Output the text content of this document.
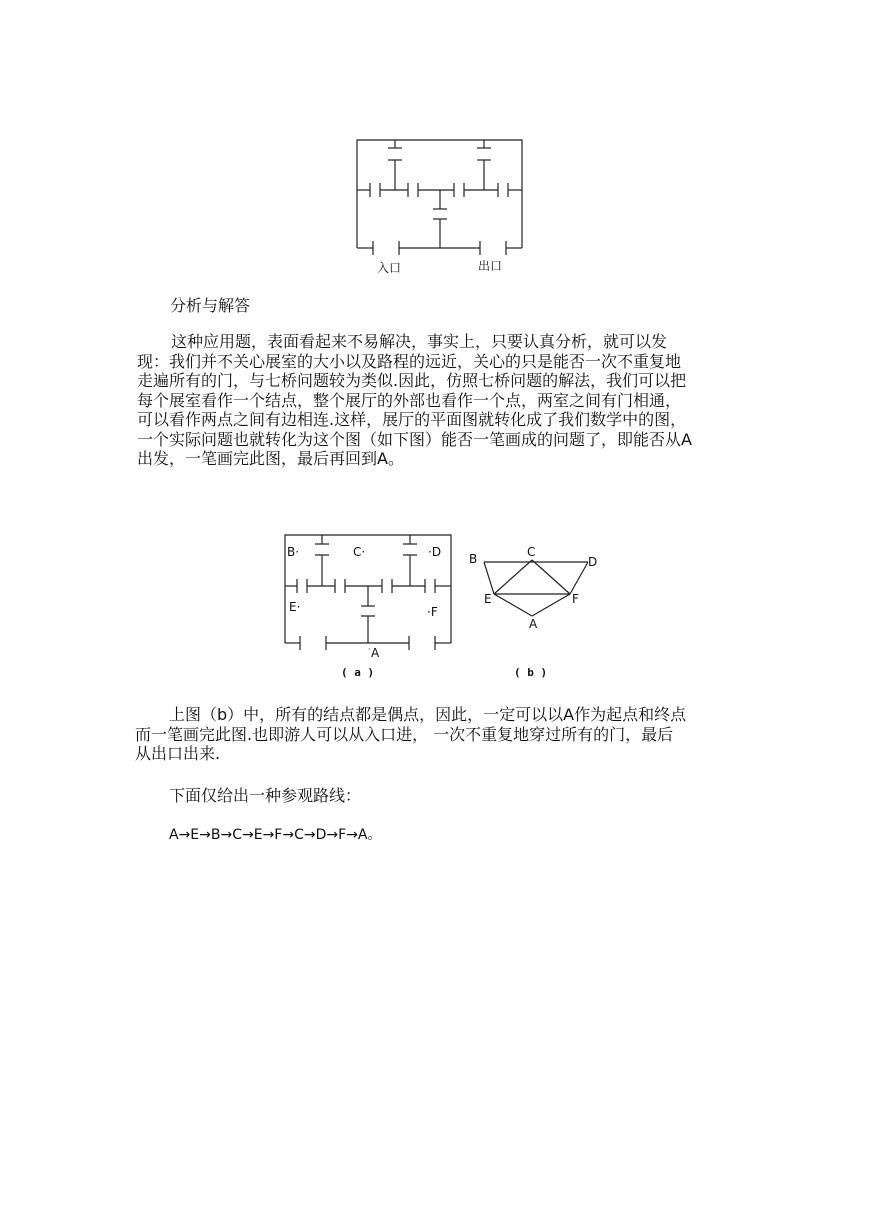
入口	出口
分析与解答
这种应用题，表面看起来不易解决，事实上，只要认真分析，就可以发
现：我们并不关心展室的大小以及路程的远近，关心的只是能否一次不重复地
走遍所有的门，与七桥问题较为类似.因此，仿照七桥问题的解法，我们可以把
每个展室看作一个结点，整个展厅的外部也看作一个点，两室之间有门相通，
可以看作两点之间有边相连.这样，展厅的平面图就转化成了我们数学中的图，
一个实际问题也就转化为这个图（如下图）能否一笔画成的问题了，即能否从A
出发，一笔画完此图，最后再回到A。
B·	C·	·D
E·	·F
· A
( a )
B	C
D
E	F
A
( b )
上图（b）中，所有的结点都是偶点，因此，一定可以以A作为起点和终点
而一笔画完此图.也即游人可以从入口进， 一次不重复地穿过所有的门，最后
从出口出来.
下面仅给出一种参观路线：
A→E→B→C→E→F→C→D→F→A。
